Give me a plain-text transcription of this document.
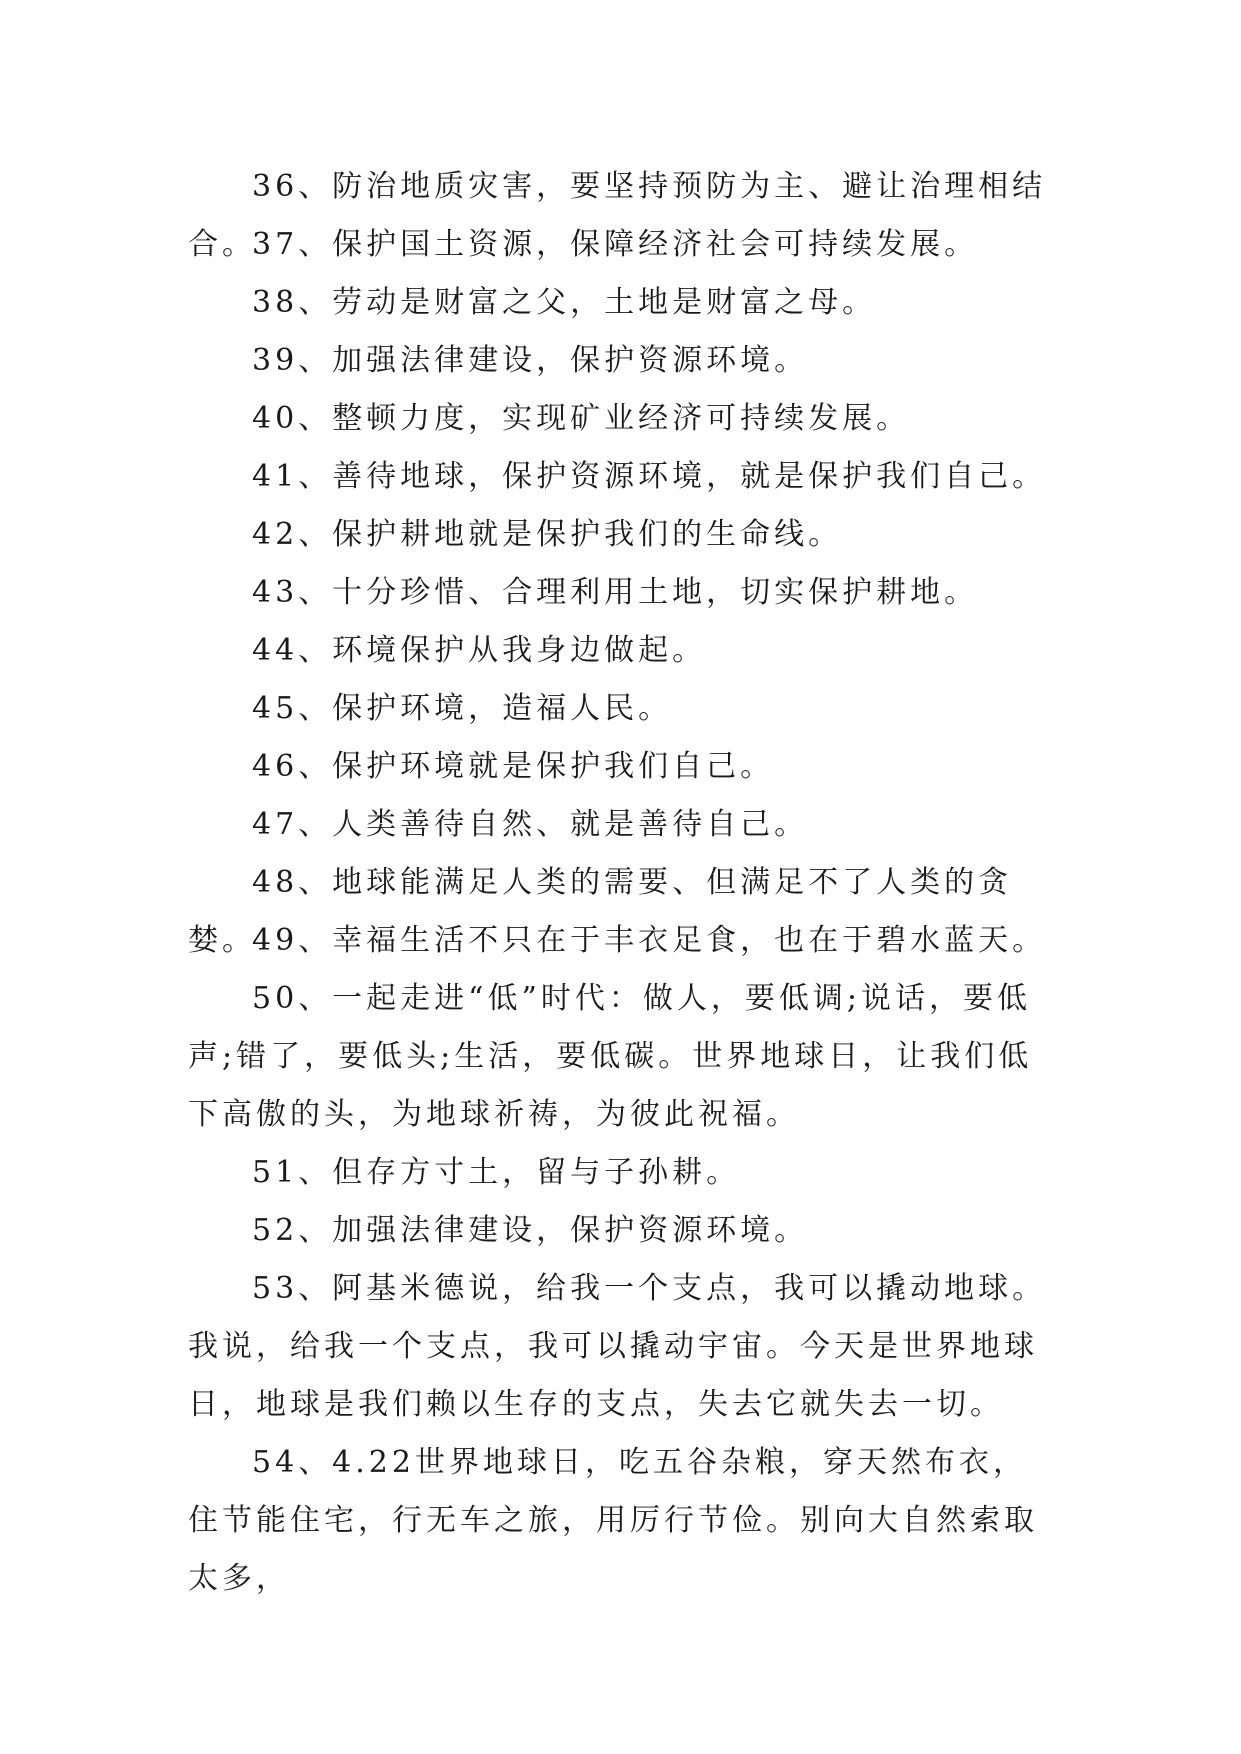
36、防治地质灾害，要坚持预防为主、避让治理相结合。

37、保护国土资源，保障经济社会可持续发展。

38、劳动是财富之父，土地是财富之母。

39、加强法律建设，保护资源环境。

40、整顿力度，实现矿业经济可持续发展。

41、善待地球，保护资源环境，就是保护我们自己。

42、保护耕地就是保护我们的生命线。

43、十分珍惜、合理利用土地，切实保护耕地。

44、环境保护从我身边做起。

45、保护环境，造福人民。

46、保护环境就是保护我们自己。

47、人类善待自然、就是善待自己。

48、地球能满足人类的需要、但满足不了人类的贪婪。

49、幸福生活不只在于丰衣足食，也在于碧水蓝天。

50、一起走进“低”时代：做人，要低调;说话，要低声;错了，要低头;生活，要低碳。世界地球日，让我们低下高傲的头，为地球祈祷，为彼此祝福。

51、但存方寸土，留与子孙耕。

52、加强法律建设，保护资源环境。

53、阿基米德说，给我一个支点，我可以撬动地球。我说，给我一个支点，我可以撬动宇宙。今天是世界地球日，地球是我们赖以生存的支点，失去它就失去一切。

54、4.22世界地球日，吃五谷杂粮，穿天然布衣，住节能住宅，行无车之旅，用厉行节俭。别向大自然索取太多，
